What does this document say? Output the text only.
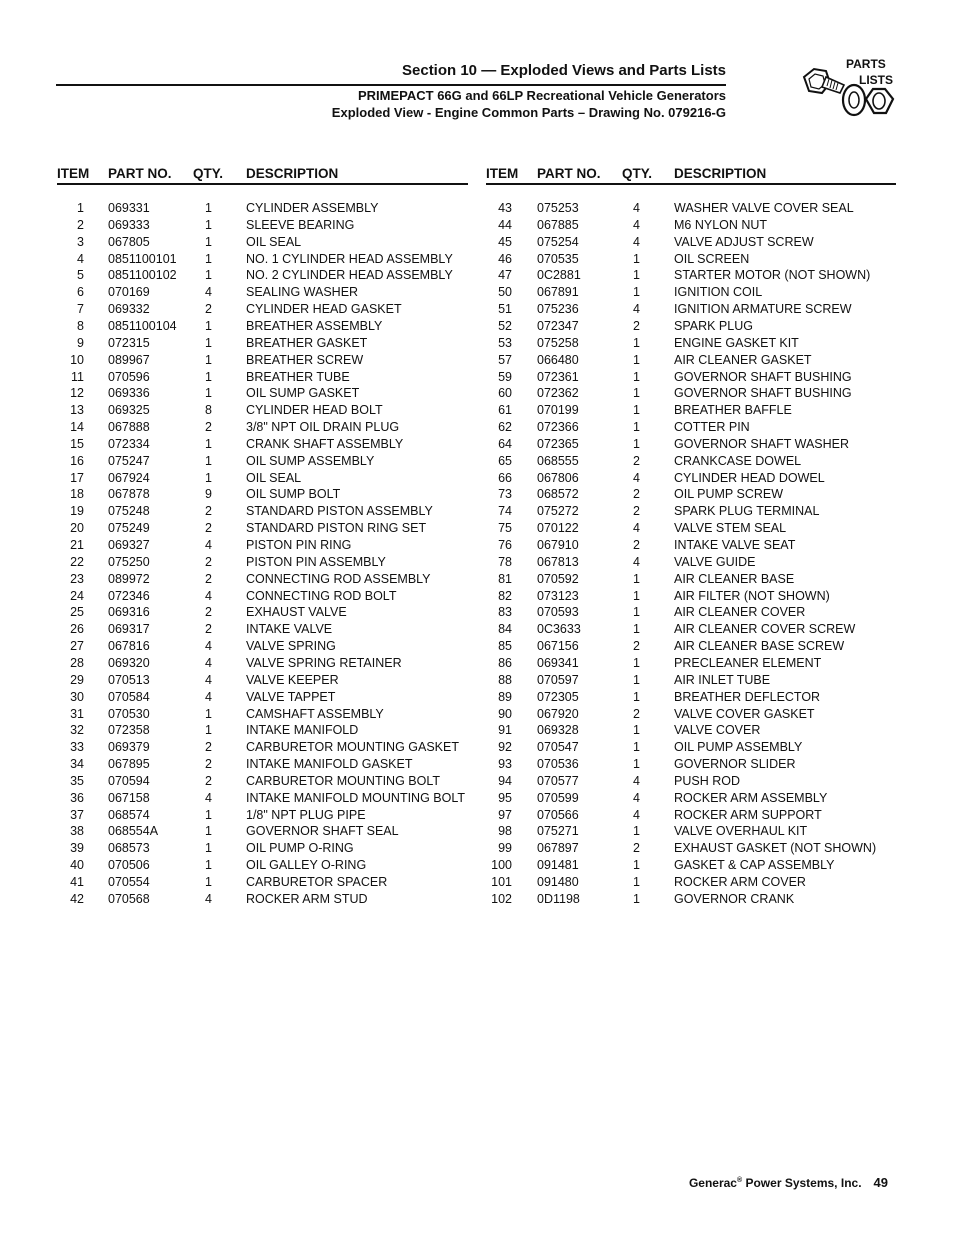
Section 10 — Exploded Views and Parts Lists
PRIMEPACT 66G and 66LP Recreational Vehicle Generators
Exploded View - Engine Common Parts – Drawing No. 079216-G
PARTS
LISTS
ITEM PART NO. QTY. DESCRIPTION	ITEM PART NO. QTY. DESCRIPTION
1 069331	1	CYLINDER ASSEMBLY
2 069333	1	SLEEVE BEARING
3 067805	1	OIL SEAL
4 0851100101 1	NO. 1 CYLINDER HEAD ASSEMBLY
5 0851100102 1	NO. 2 CYLINDER HEAD ASSEMBLY
6 070169	4	SEALING WASHER
7 069332	2	CYLINDER HEAD GASKET
8 0851100104 1	BREATHER ASSEMBLY
9 072315	1	BREATHER GASKET
10 089967	1	BREATHER SCREW
11 070596	1	BREATHER TUBE
12 069336	1	OIL SUMP GASKET
13 069325	8	CYLINDER HEAD BOLT
14 067888	2	3/8" NPT OIL DRAIN PLUG
15 072334	1	CRANK SHAFT ASSEMBLY
16 075247	1	OIL SUMP ASSEMBLY
17 067924	1	OIL SEAL
18 067878	9	OIL SUMP BOLT
19 075248	2	STANDARD PISTON ASSEMBLY
20 075249	2	STANDARD PISTON RING SET
21 069327	4	PISTON PIN RING
22 075250	2	PISTON PIN ASSEMBLY
23 089972	2	CONNECTING ROD ASSEMBLY
24 072346	4	CONNECTING ROD BOLT
25 069316	2	EXHAUST VALVE
26 069317	2	INTAKE VALVE
27 067816	4	VALVE SPRING
28 069320	4	VALVE SPRING RETAINER
29 070513	4	VALVE KEEPER
30 070584	4	VALVE TAPPET
31 070530	1	CAMSHAFT ASSEMBLY
32 072358	1	INTAKE MANIFOLD
33 069379	2	CARBURETOR MOUNTING GASKET
34 067895	2	INTAKE MANIFOLD GASKET
35 070594	2	CARBURETOR MOUNTING BOLT
36 067158	4	INTAKE MANIFOLD MOUNTING BOLT
37 068574	1	1/8" NPT PLUG PIPE
38 068554A	1	GOVERNOR SHAFT SEAL
39 068573	1	OIL PUMP O-RING
40 070506	1	OIL GALLEY O-RING
41 070554	1	CARBURETOR SPACER
42 070568	4	ROCKER ARM STUD
43 075253	4	WASHER VALVE COVER SEAL
44 067885	4	M6 NYLON NUT
45 075254	4	VALVE ADJUST SCREW
46 070535	1	OIL SCREEN
47 0C2881	1	STARTER MOTOR (NOT SHOWN)
50 067891	1	IGNITION COIL
51 075236	4	IGNITION ARMATURE SCREW
52 072347	2	SPARK PLUG
53 075258	1	ENGINE GASKET KIT
57 066480	1	AIR CLEANER GASKET
59 072361	1	GOVERNOR SHAFT BUSHING
60 072362	1	GOVERNOR SHAFT BUSHING
61 070199	1	BREATHER BAFFLE
62 072366	1	COTTER PIN
64 072365	1	GOVERNOR SHAFT WASHER
65 068555	2	CRANKCASE DOWEL
66 067806	4	CYLINDER HEAD DOWEL
73 068572	2	OIL PUMP SCREW
74 075272	2	SPARK PLUG TERMINAL
75 070122	4	VALVE STEM SEAL
76 067910	2	INTAKE VALVE SEAT
78 067813	4	VALVE GUIDE
81 070592	1	AIR CLEANER BASE
82 073123	1	AIR FILTER (NOT SHOWN)
83 070593	1	AIR CLEANER COVER
84 0C3633	1	AIR CLEANER COVER SCREW
85 067156	2	AIR CLEANER BASE SCREW
86 069341	1	PRECLEANER ELEMENT
88 070597	1	AIR INLET TUBE
89 072305	1	BREATHER DEFLECTOR
90 067920	2	VALVE COVER GASKET
91 069328	1	VALVE COVER
92 070547	1	OIL PUMP ASSEMBLY
93 070536	1	GOVERNOR SLIDER
94 070577	4	PUSH ROD
95 070599	4	ROCKER ARM ASSEMBLY
97 070566	4	ROCKER ARM SUPPORT
98 075271	1	VALVE OVERHAUL KIT
99 067897	2	EXHAUST GASKET (NOT SHOWN)
100 091481	1	GASKET & CAP ASSEMBLY
101 091480	1	ROCKER ARM COVER
102 0D1198	1	GOVERNOR CRANK
Generac® Power Systems, Inc. 49
